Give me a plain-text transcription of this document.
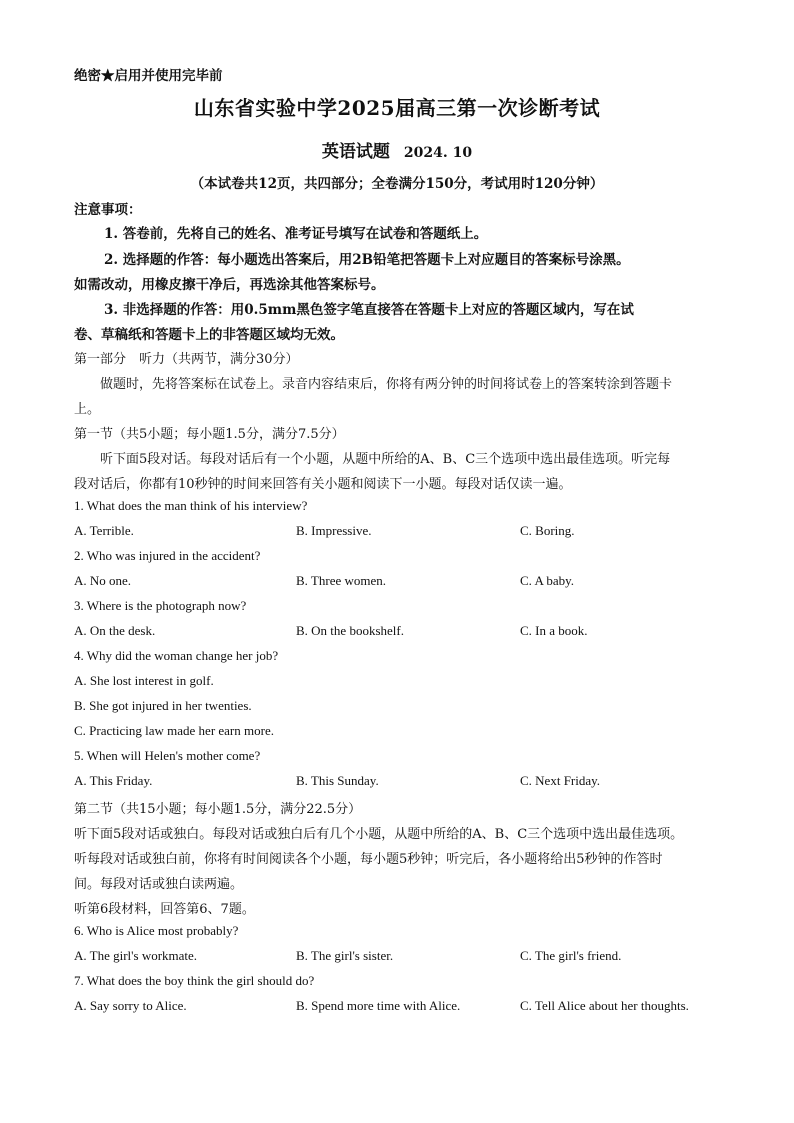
绝密★启用并使用完毕前
山东省实验中学2025届高三第一次诊断考试
英语试题 2024. 10
（本试卷共12页，共四部分；全卷满分150分，考试用时120分钟）
注意事项：
1. 答卷前，先将自己的姓名、准考证号填写在试卷和答题纸上。
2. 选择题的作答：每小题选出答案后，用2B铅笔把答题卡上对应题目的答案标号涂黑。
如需改动，用橡皮擦干净后，再选涂其他答案标号。
3. 非选择题的作答：用0.5mm黑色签字笔直接答在答题卡上对应的答题区域内，写在试
卷、草稿纸和答题卡上的非答题区域均无效。
第一部分　听力（共两节，满分30分）
做题时，先将答案标在试卷上。录音内容结束后，你将有两分钟的时间将试卷上的答案转涂到答题卡
上。
第一节（共5小题；每小题1.5分，满分7.5分）
听下面5段对话。每段对话后有一个小题，从题中所给的A、B、C三个选项中选出最佳选项。听完每
段对话后，你都有10秒钟的时间来回答有关小题和阅读下一小题。每段对话仅读一遍。
1. What does the man think of his interview?
A. Terrible.	B. Impressive.	C. Boring.
2. Who was injured in the accident?
A. No one.	B. Three women.	C. A baby.
3. Where is the photograph now?
A. On the desk.	B. On the bookshelf.	C. In a book.
4. Why did the woman change her job?
A. She lost interest in golf.
B. She got injured in her twenties.
C. Practicing law made her earn more.
5. When will Helen's mother come?
A. This Friday.	B. This Sunday.	C. Next Friday.
第二节（共15小题；每小题1.5分，满分22.5分）
听下面5段对话或独白。每段对话或独白后有几个小题，从题中所给的A、B、C三个选项中选出最佳选项。
听每段对话或独白前，你将有时间阅读各个小题，每小题5秒钟；听完后，各小题将给出5秒钟的作答时
间。每段对话或独白读两遍。
听第6段材料，回答第6、7题。
6. Who is Alice most probably?
A. The girl's workmate.	B. The girl's sister.	C. The girl's friend.
7. What does the boy think the girl should do?
A. Say sorry to Alice.	B. Spend more time with Alice.	C. Tell Alice about her thoughts.
